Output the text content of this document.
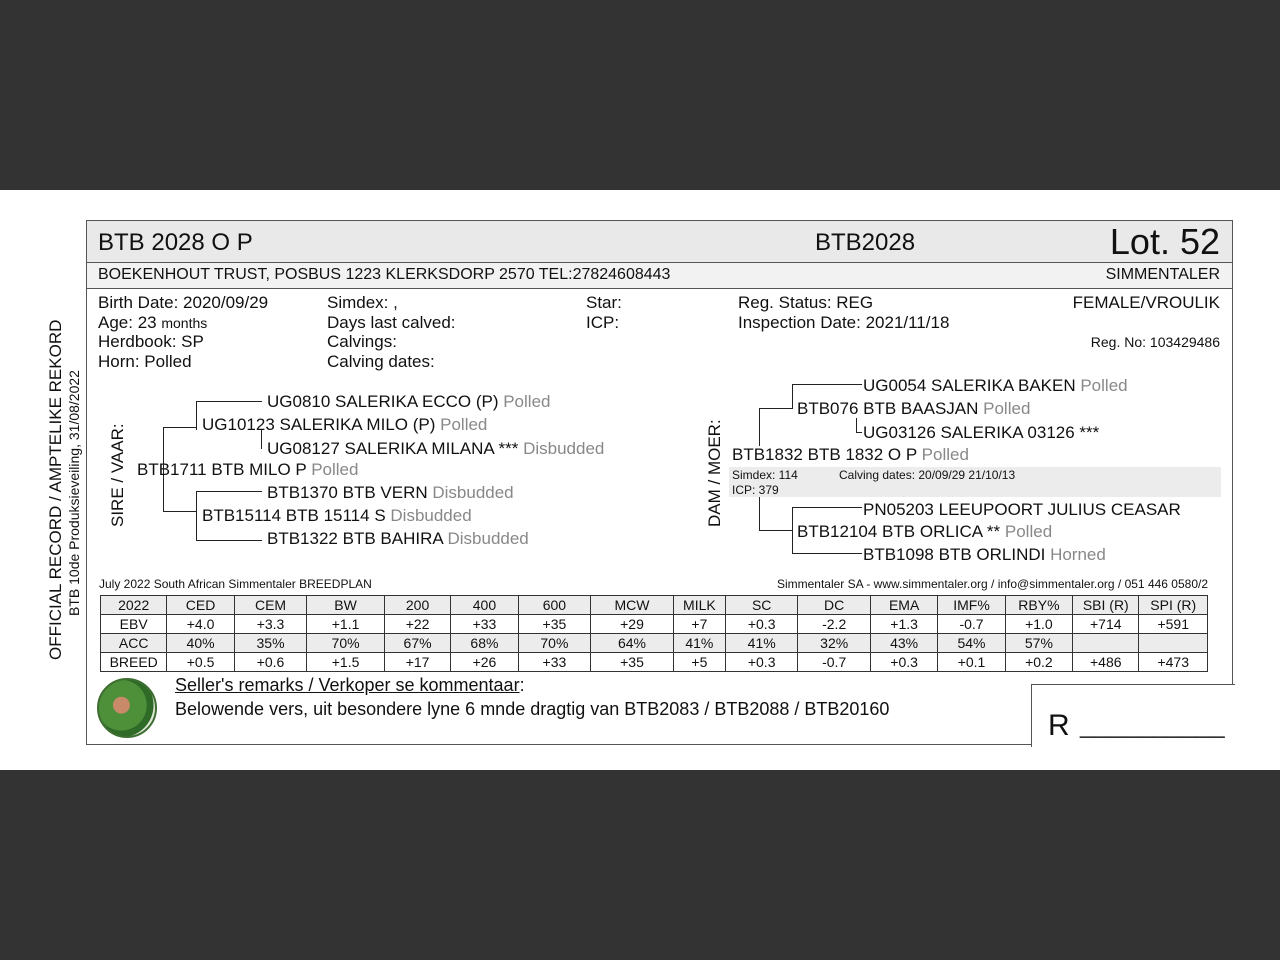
OFFICIAL RECORD / AMPTELIKE REKORD BTB 10de Produksieveiling, 31/08/2022
BTB 2028 O P	BTB2028	Lot. 52
BOEKENHOUT TRUST, POSBUS 1223 KLERKSDORP 2570 TEL:27824608443	SIMMENTALER
Birth Date: 2020/09/29
Age: 23 months
Herdbook: SP
Horn: Polled
Simdex: ,
Days last calved:
Calvings:
Calving dates:
Star:
ICP:
Reg. Status: REG
Inspection Date: 2021/11/18
FEMALE/VROULIK
Reg. No: 103429486
SIRE / VAAR:
UG0810 SALERIKA ECCO (P) Polled
UG10123 SALERIKA MILO (P) Polled
UG08127 SALERIKA MILANA *** Disbudded
BTB1711 BTB MILO P Polled
BTB1370 BTB VERN Disbudded
BTB15114 BTB 15114 S Disbudded
BTB1322 BTB BAHIRA Disbudded
DAM / MOER:
UG0054 SALERIKA BAKEN Polled
BTB076 BTB BAASJAN Polled
UG03126 SALERIKA 03126 ***
BTB1832 BTB 1832 O P Polled
Simdex: 114	Calving dates: 20/09/29 21/10/13
ICP: 379
PN05203 LEEUPOORT JULIUS CEASAR
BTB12104 BTB ORLICA ** Polled
BTB1098 BTB ORLINDI Horned
July 2022 South African Simmentaler BREEDPLAN	Simmentaler SA - www.simmentaler.org / info@simmentaler.org / 051 446 0580/2
2022	CED	CEM	BW	200	400	600	MCW	MILK	SC	DC	EMA	IMF%	RBY%	SBI (R)	SPI (R)
EBV	+4.0	+3.3	+1.1	+22	+33	+35	+29	+7	+0.3	-2.2	+1.3	-0.7	+1.0	+714	+591
ACC	40%	35%	70%	67%	68%	70%	64%	41%	41%	32%	43%	54%	57%		
BREED	+0.5	+0.6	+1.5	+17	+26	+33	+35	+5	+0.3	-0.7	+0.3	+0.1	+0.2	+486	+473
Seller's remarks / Verkoper se kommentaar:
Belowende vers, uit besondere lyne 6 mnde dragtig van BTB2083 / BTB2088 / BTB20160	R __________
